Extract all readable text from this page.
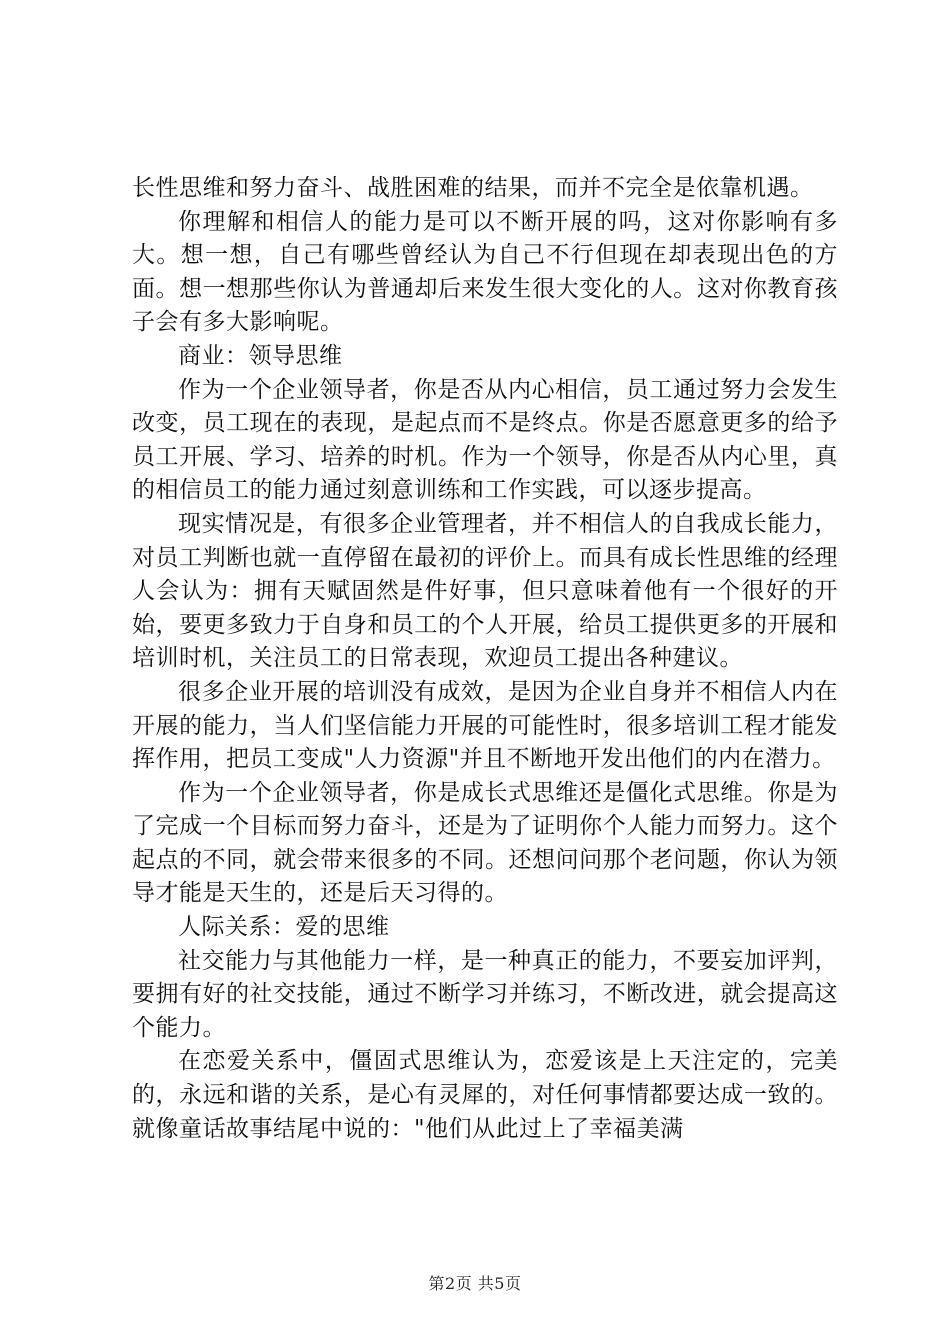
长性思维和努力奋斗、战胜困难的结果，而并不完全是依靠机遇。

你理解和相信人的能力是可以不断开展的吗，这对你影响有多大。想一想，自己有哪些曾经认为自己不行但现在却表现出色的方面。想一想那些你认为普通却后来发生很大变化的人。这对你教育孩子会有多大影响呢。

商业：领导思维

作为一个企业领导者，你是否从内心相信，员工通过努力会发生改变，员工现在的表现，是起点而不是终点。你是否愿意更多的给予员工开展、学习、培养的时机。作为一个领导，你是否从内心里，真的相信员工的能力通过刻意训练和工作实践，可以逐步提高。

现实情况是，有很多企业管理者，并不相信人的自我成长能力，对员工判断也就一直停留在最初的评价上。而具有成长性思维的经理人会认为：拥有天赋固然是件好事，但只意味着他有一个很好的开始，要更多致力于自身和员工的个人开展，给员工提供更多的开展和培训时机，关注员工的日常表现，欢迎员工提出各种建议。

很多企业开展的培训没有成效，是因为企业自身并不相信人内在开展的能力，当人们坚信能力开展的可能性时，很多培训工程才能发挥作用，把员工变成"人力资源"并且不断地开发出他们的内在潜力。

作为一个企业领导者，你是成长式思维还是僵化式思维。你是为了完成一个目标而努力奋斗，还是为了证明你个人能力而努力。这个起点的不同，就会带来很多的不同。还想问问那个老问题，你认为领导才能是天生的，还是后天习得的。

人际关系：爱的思维

社交能力与其他能力一样，是一种真正的能力，不要妄加评判，要拥有好的社交技能，通过不断学习并练习，不断改进，就会提高这个能力。

在恋爱关系中，僵固式思维认为，恋爱该是上天注定的，完美的，永远和谐的关系，是心有灵犀的，对任何事情都要达成一致的。就像童话故事结尾中说的："他们从此过上了幸福美满

第2页 共5页
